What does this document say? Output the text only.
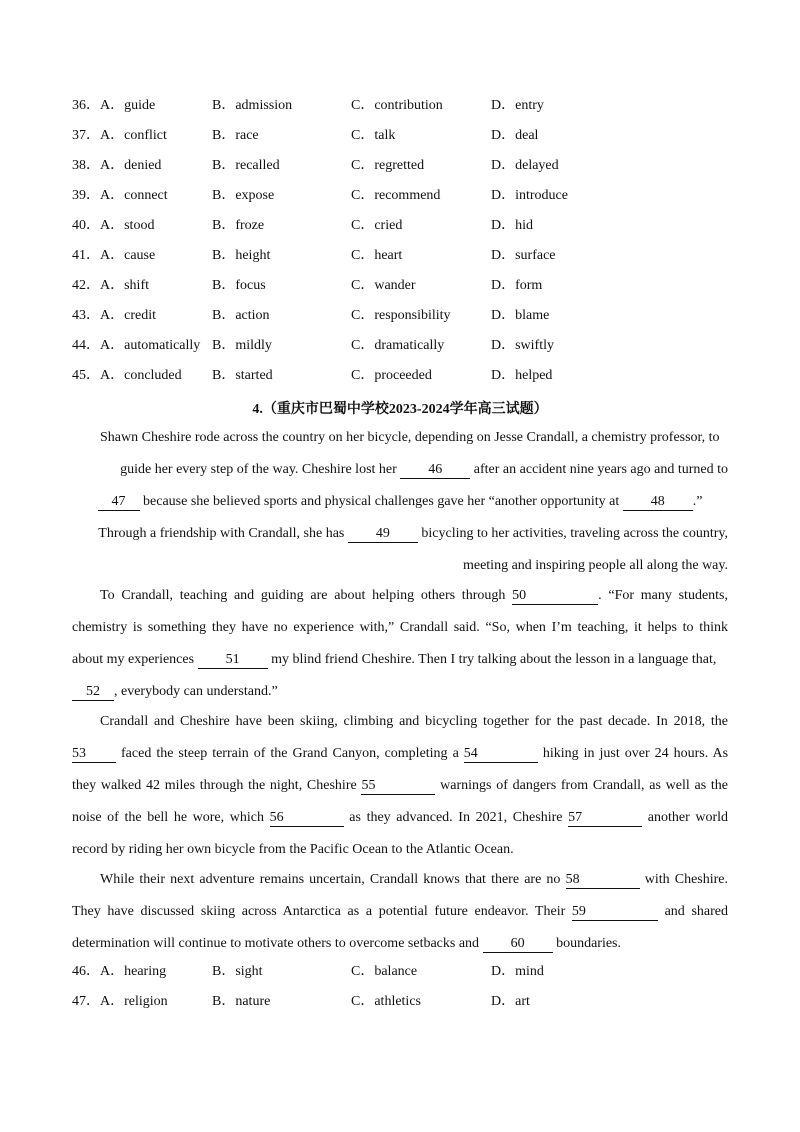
36．A．guide	B．admission	C．contribution	D．entry
37．A．conflict	B．race	C．talk	D．deal
38．A．denied	B．recalled	C．regretted	D．delayed
39．A．connect	B．expose	C．recommend	D．introduce
40．A．stood	B．froze	C．cried	D．hid
41．A．cause	B．height	C．heart	D．surface
42．A．shift	B．focus	C．wander	D．form
43．A．credit	B．action	C．responsibility	D．blame
44．A．automatically B．mildly	C．dramatically	D．swiftly
45．A．concluded B．started	C．proceeded	D．helped
4.（重庆市巴蜀中学校2023-2024学年高三试题）
Shawn Cheshire rode across the country on her bicycle, depending on Jesse Crandall, a chemistry professor, to
guide her every step of the way. Cheshire lost her 46 after an accident nine years ago and turned to
47 because she believed sports and physical challenges gave her “another opportunity at 48 .”
Through a friendship with Crandall, she has 49 bicycling to her activities, traveling across the country,
meeting and inspiring people all along the way.
To Crandall, teaching and guiding are about helping others through 50	. “For many students,
chemistry is something they have no experience with,” Crandall said. “So, when I’m teaching, it helps to think
about my experiences 51 my blind friend Cheshire. Then I try talking about the lesson in a language that,
52 , everybody can understand.”
Crandall and Cheshire have been skiing, climbing and bicycling together for the past decade. In 2018, the
53	faced the steep terrain of the Grand Canyon, completing a 54	hiking in just over 24 hours. As
they walked 42 miles through the night, Cheshire 55	warnings of dangers from Crandall, as well as the
noise of the bell he wore, which 56	as they advanced. In 2021, Cheshire 57	another world
record by riding her own bicycle from the Pacific Ocean to the Atlantic Ocean.
While their next adventure remains uncertain, Crandall knows that there are no 58	with Cheshire.
They have discussed skiing across Antarctica as a potential future endeavor. Their 59	and shared
determination will continue to motivate others to overcome setbacks and 60 boundaries.
46．A．hearing	B．sight	C．balance	D．mind
47．A．religion	B．nature	C．athletics	D．art
